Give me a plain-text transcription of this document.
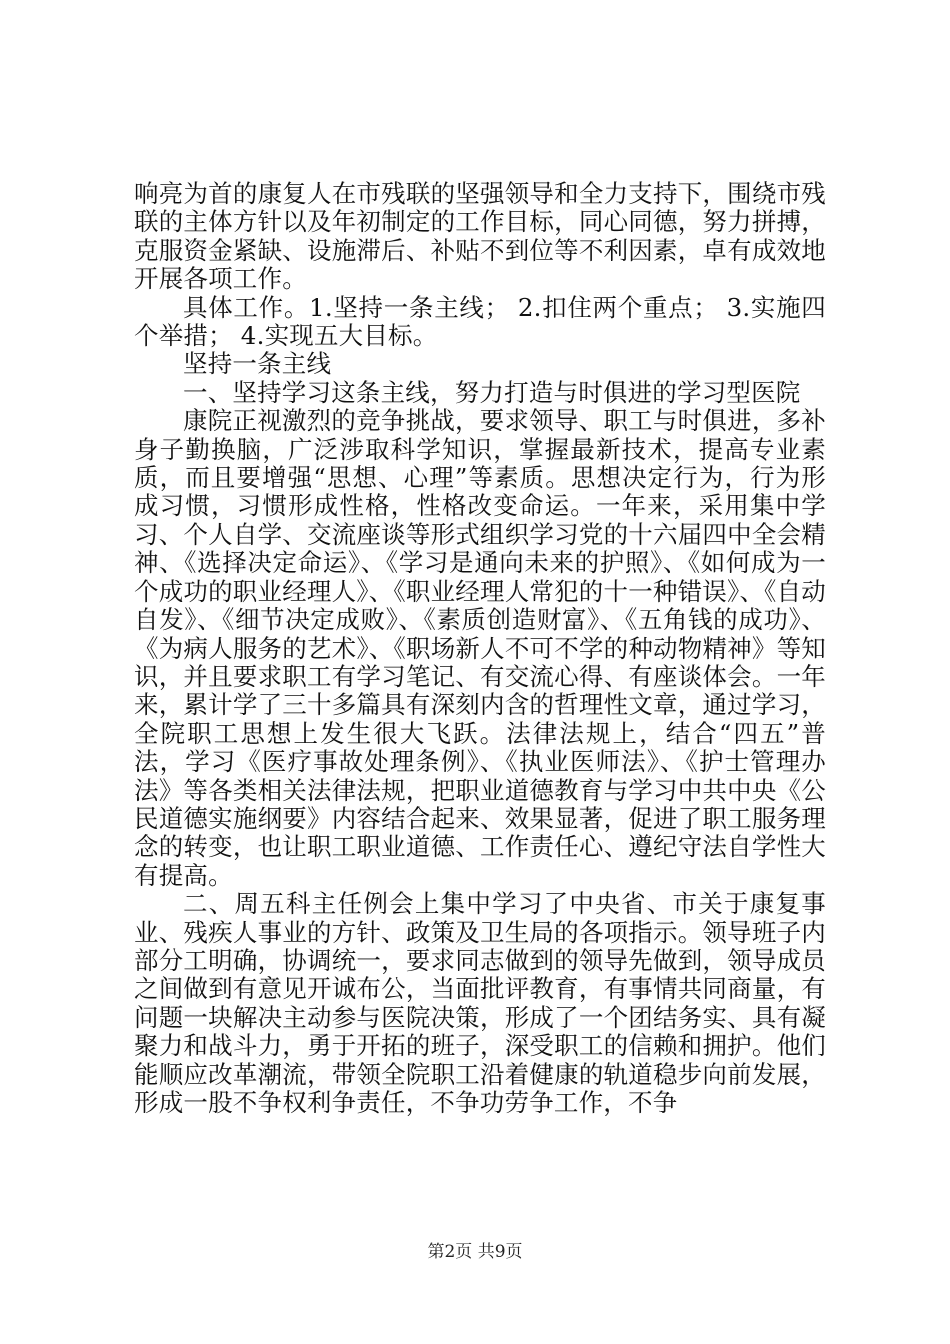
响亮为首的康复人在市残联的坚强领导和全力支持下，围绕市残联的主体方针以及年初制定的工作目标，同心同德，努力拼搏，克服资金紧缺、设施滞后、补贴不到位等不利因素，卓有成效地开展各项工作。

具体工作。1.坚持一条主线； 2.扣住两个重点； 3.实施四个举措； 4.实现五大目标。

坚持一条主线

一、坚持学习这条主线，努力打造与时俱进的学习型医院

康院正视激烈的竞争挑战，要求领导、职工与时俱进，多补身子勤换脑，广泛涉取科学知识，掌握最新技术，提高专业素质，而且要增强“思想、心理”等素质。思想决定行为，行为形成习惯，习惯形成性格，性格改变命运。一年来，采用集中学习、个人自学、交流座谈等形式组织学习党的十六届四中全会精神、《选择决定命运》、《学习是通向未来的护照》、《如何成为一个成功的职业经理人》、《职业经理人常犯的十一种错误》、《自动自发》、《细节决定成败》、《素质创造财富》、《五角钱的成功》、《为病人服务的艺术》、《职场新人不可不学的种动物精神》等知识，并且要求职工有学习笔记、有交流心得、有座谈体会。一年来，累计学了三十多篇具有深刻内含的哲理性文章，通过学习，全院职工思想上发生很大飞跃。法律法规上，结合“四五”普法，学习《医疗事故处理条例》、《执业医师法》、《护士管理办法》等各类相关法律法规，把职业道德教育与学习中共中央《公民道德实施纲要》内容结合起来、效果显著，促进了职工服务理念的转变，也让职工职业道德、工作责任心、遵纪守法自学性大有提高。

二、周五科主任例会上集中学习了中央省、市关于康复事业、残疾人事业的方针、政策及卫生局的各项指示。领导班子内部分工明确，协调统一，要求同志做到的领导先做到，领导成员之间做到有意见开诚布公，当面批评教育，有事情共同商量，有问题一块解决主动参与医院决策，形成了一个团结务实、具有凝聚力和战斗力，勇于开拓的班子，深受职工的信赖和拥护。他们能顺应改革潮流，带领全院职工沿着健康的轨道稳步向前发展，形成一股不争权利争责任，不争功劳争工作，不争

第2页 共9页
